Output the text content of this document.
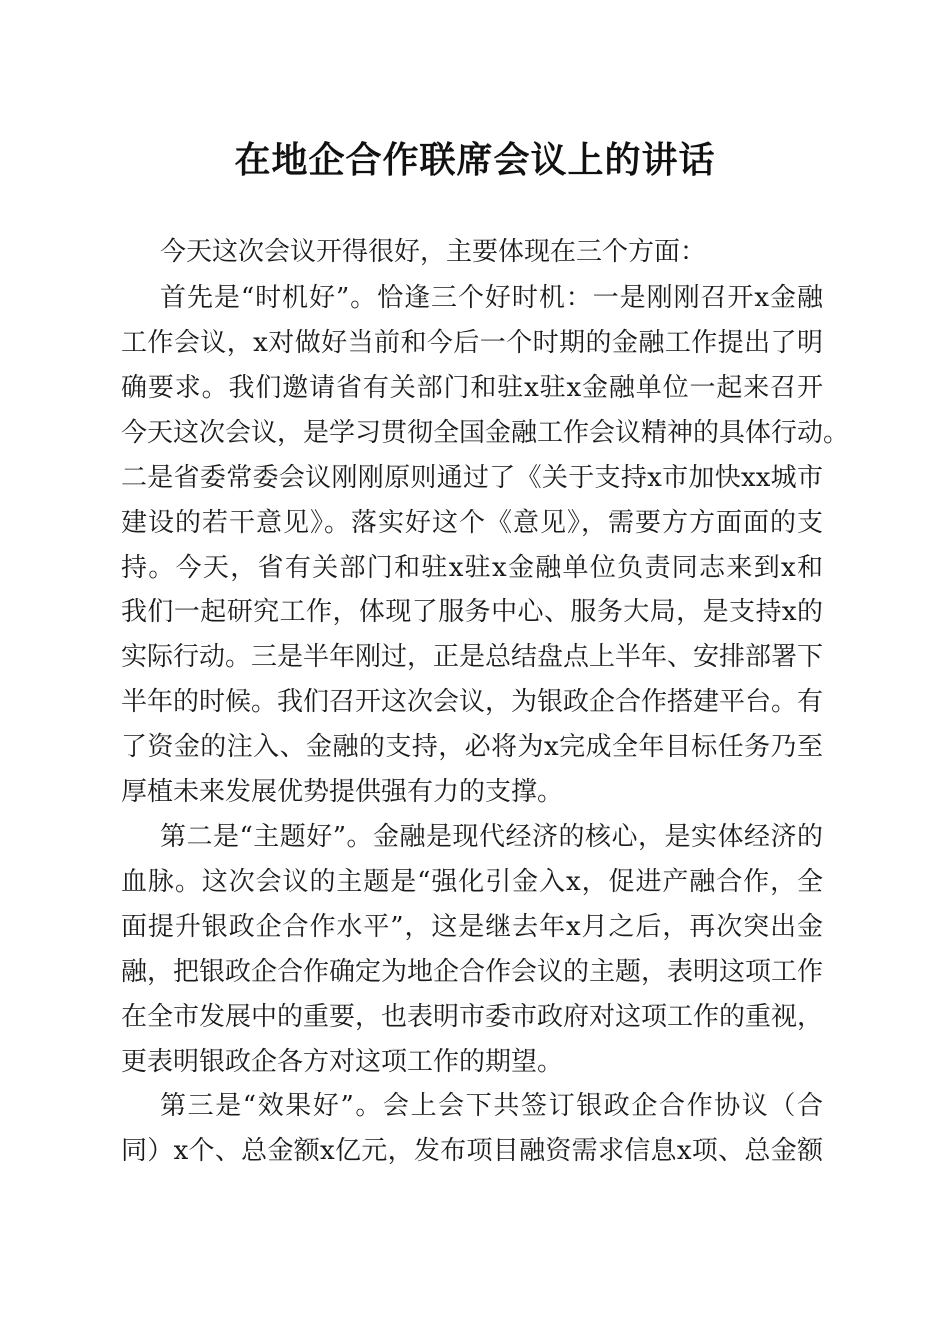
在地企合作联席会议上的讲话
今天这次会议开得很好，主要体现在三个方面：
首先是“时机好”。恰逢三个好时机：一是刚刚召开x金融
工作会议，x对做好当前和今后一个时期的金融工作提出了明
确要求。我们邀请省有关部门和驻x驻x金融单位一起来召开
今天这次会议，是学习贯彻全国金融工作会议精神的具体行动。
二是省委常委会议刚刚原则通过了《关于支持x市加快xx城市
建设的若干意见》。落实好这个《意见》，需要方方面面的支
持。今天，省有关部门和驻x驻x金融单位负责同志来到x和
我们一起研究工作，体现了服务中心、服务大局，是支持x的
实际行动。三是半年刚过，正是总结盘点上半年、安排部署下
半年的时候。我们召开这次会议，为银政企合作搭建平台。有
了资金的注入、金融的支持，必将为x完成全年目标任务乃至
厚植未来发展优势提供强有力的支撑。
第二是“主题好”。金融是现代经济的核心，是实体经济的
血脉。这次会议的主题是“强化引金入x，促进产融合作，全
面提升银政企合作水平”，这是继去年x月之后，再次突出金
融，把银政企合作确定为地企合作会议的主题，表明这项工作
在全市发展中的重要，也表明市委市政府对这项工作的重视，
更表明银政企各方对这项工作的期望。
第三是“效果好”。会上会下共签订银政企合作协议（合
同）x个、总金额x亿元，发布项目融资需求信息x项、总金额
